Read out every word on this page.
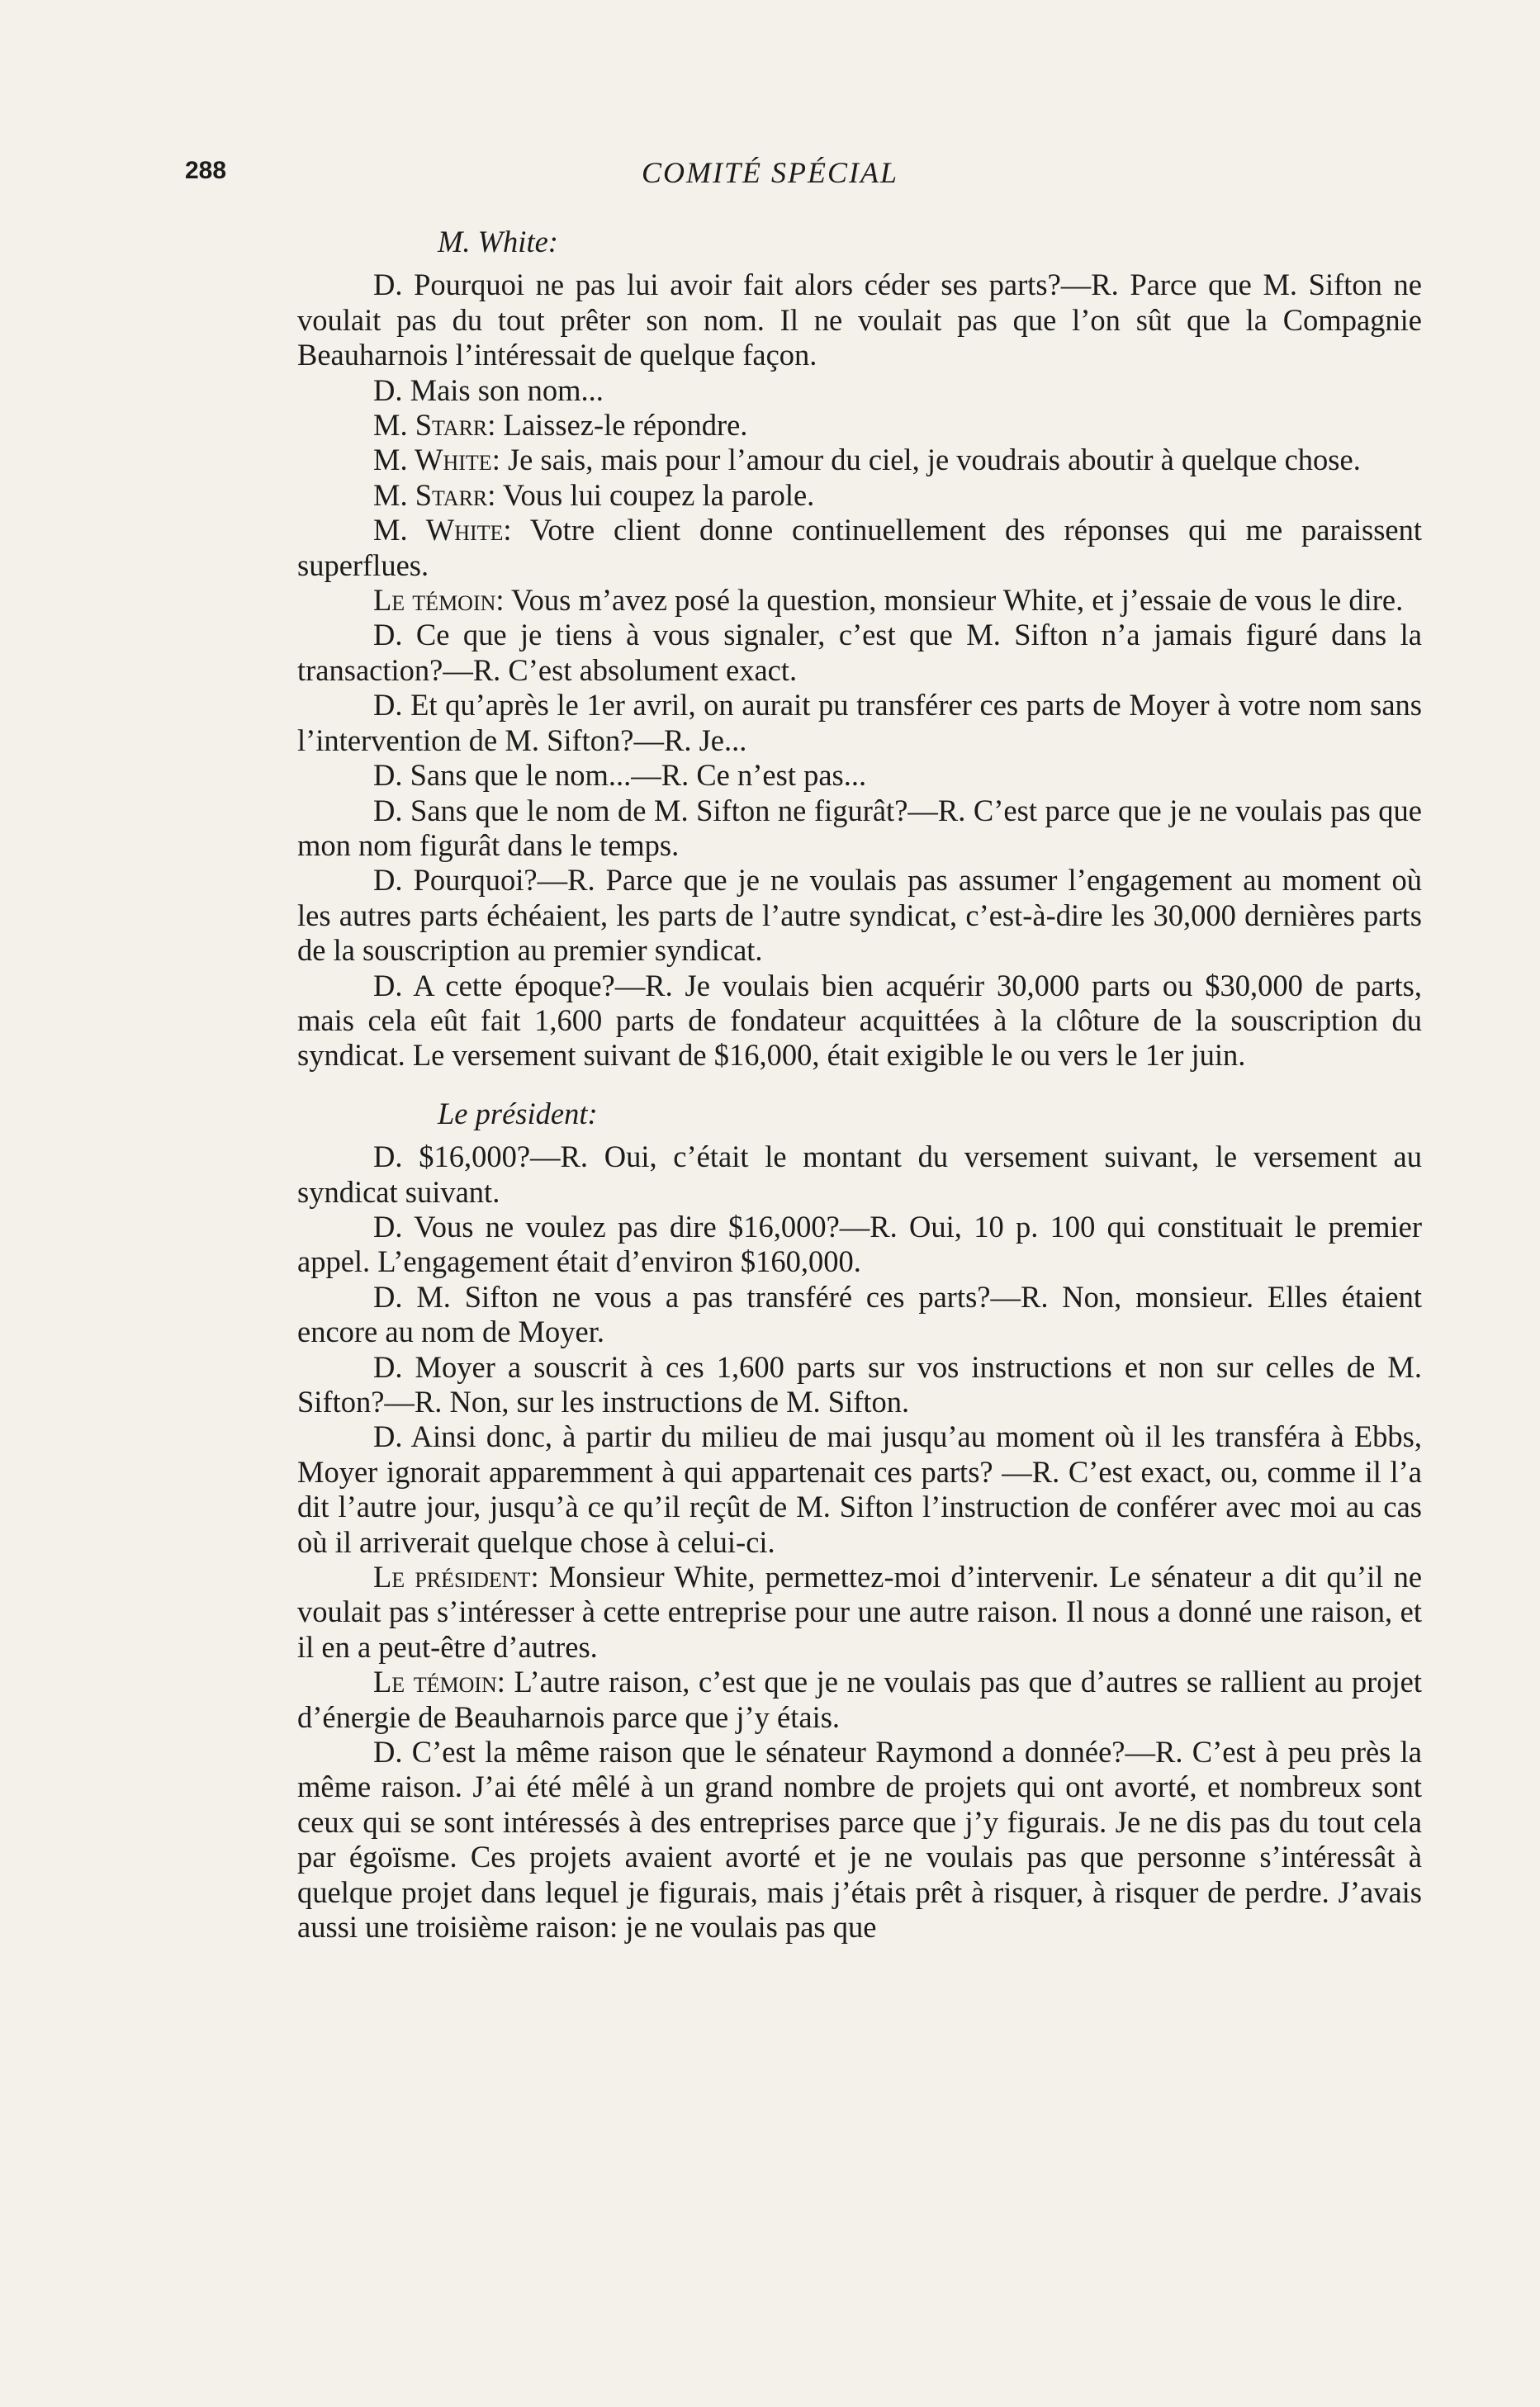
288	COMITÉ SPÉCIAL

M. White:

D. Pourquoi ne pas lui avoir fait alors céder ses parts?—R. Parce que M. Sifton ne voulait pas du tout prêter son nom. Il ne voulait pas que l’on sût que la Compagnie Beauharnois l’intéressait de quelque façon.

D. Mais son nom...

M. Starr: Laissez-le répondre.

M. White: Je sais, mais pour l’amour du ciel, je voudrais aboutir à quelque chose.

M. Starr: Vous lui coupez la parole.

M. White: Votre client donne continuellement des réponses qui me paraissent superflues.

Le témoin: Vous m’avez posé la question, monsieur White, et j’essaie de vous le dire.

D. Ce que je tiens à vous signaler, c’est que M. Sifton n’a jamais figuré dans la transaction?—R. C’est absolument exact.

D. Et qu’après le 1er avril, on aurait pu transférer ces parts de Moyer à votre nom sans l’intervention de M. Sifton?—R. Je...

D. Sans que le nom...—R. Ce n’est pas...

D. Sans que le nom de M. Sifton ne figurât?—R. C’est parce que je ne voulais pas que mon nom figurât dans le temps.

D. Pourquoi?—R. Parce que je ne voulais pas assumer l’engagement au moment où les autres parts échéaient, les parts de l’autre syndicat, c’est-à-dire les 30,000 dernières parts de la souscription au premier syndicat.

D. A cette époque?—R. Je voulais bien acquérir 30,000 parts ou $30,000 de parts, mais cela eût fait 1,600 parts de fondateur acquittées à la clôture de la souscription du syndicat. Le versement suivant de $16,000, était exigible le ou vers le 1er juin.

Le président:

D. $16,000?—R. Oui, c’était le montant du versement suivant, le versement au syndicat suivant.

D. Vous ne voulez pas dire $16,000?—R. Oui, 10 p. 100 qui constituait le premier appel. L’engagement était d’environ $160,000.

D. M. Sifton ne vous a pas transféré ces parts?—R. Non, monsieur. Elles étaient encore au nom de Moyer.

D. Moyer a souscrit à ces 1,600 parts sur vos instructions et non sur celles de M. Sifton?—R. Non, sur les instructions de M. Sifton.

D. Ainsi donc, à partir du milieu de mai jusqu’au moment où il les transféra à Ebbs, Moyer ignorait apparemment à qui appartenait ces parts? —R. C’est exact, ou, comme il l’a dit l’autre jour, jusqu’à ce qu’il reçût de M. Sifton l’instruction de conférer avec moi au cas où il arriverait quelque chose à celui-ci.

Le président: Monsieur White, permettez-moi d’intervenir. Le sénateur a dit qu’il ne voulait pas s’intéresser à cette entreprise pour une autre raison. Il nous a donné une raison, et il en a peut-être d’autres.

Le témoin: L’autre raison, c’est que je ne voulais pas que d’autres se rallient au projet d’énergie de Beauharnois parce que j’y étais.

D. C’est la même raison que le sénateur Raymond a donnée?—R. C’est à peu près la même raison. J’ai été mêlé à un grand nombre de projets qui ont avorté, et nombreux sont ceux qui se sont intéressés à des entreprises parce que j’y figurais. Je ne dis pas du tout cela par égoïsme. Ces projets avaient avorté et je ne voulais pas que personne s’intéressât à quelque projet dans lequel je figurais, mais j’étais prêt à risquer, à risquer de perdre. J’avais aussi une troisième raison: je ne voulais pas que
